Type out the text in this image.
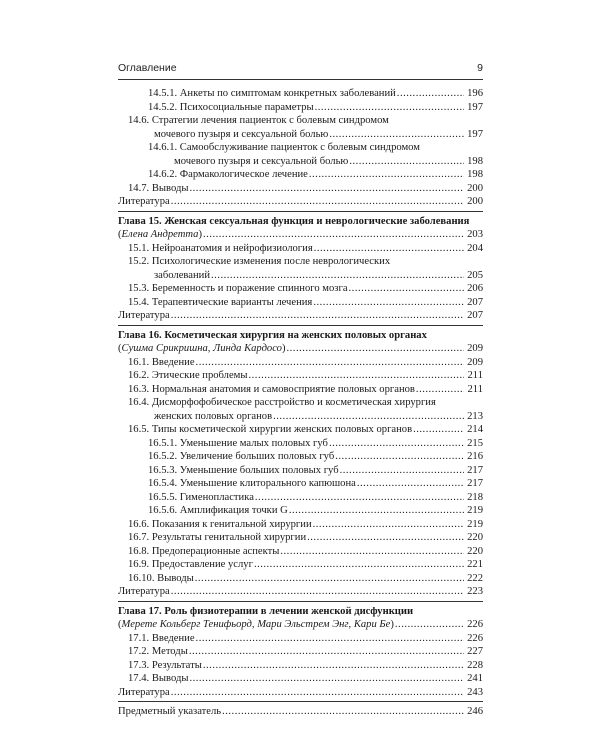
Оглавление	9
14.5.1. Анкеты по симптомам конкретных заболеваний .....	196
14.5.2. Психосоциальные параметры .....	197
14.6. Стратегии лечения пациенток с болевым синдромом
мочевого пузыря и сексуальной болью .....	197
14.6.1. Самообслуживание пациенток с болевым синдромом
мочевого пузыря и сексуальной болью .....	198
14.6.2. Фармакологическое лечение .....	198
14.7. Выводы .....	200
Литература .....	200
Глава 15. Женская сексуальная функция и неврологические заболевания
(Елена Андретта) .....	203
15.1. Нейроанатомия и нейрофизиология .....	204
15.2. Психологические изменения после неврологических
заболеваний .....	205
15.3. Беременность и поражение спинного мозга .....	206
15.4. Терапевтические варианты лечения .....	207
Литература .....	207
Глава 16. Косметическая хирургия на женских половых органах
(Сушма Срикришна, Линда Кардосо) .....	209
16.1. Введение .....	209
16.2. Этические проблемы .....	211
16.3. Нормальная анатомия и самовосприятие половых органов .....	211
16.4. Дисморфофобическое расстройство и косметическая хирургия
женских половых органов .....	213
16.5. Типы косметической хирургии женских половых органов .....	214
16.5.1. Уменьшение малых половых губ .....	215
16.5.2. Увеличение больших половых губ .....	216
16.5.3. Уменьшение больших половых губ .....	217
16.5.4. Уменьшение клиторального капюшона .....	217
16.5.5. Гименопластика .....	218
16.5.6. Амплификация точки G .....	219
16.6. Показания к генитальной хирургии .....	219
16.7. Результаты генитальной хирургии .....	220
16.8. Предоперационные аспекты .....	220
16.9. Предоставление услуг .....	221
16.10. Выводы .....	222
Литература .....	223
Глава 17. Роль физиотерапии в лечении женской дисфункции
(Мерете Кольберг Тенифьорд, Мари Эльстрем Энг, Кари Бе) .....	226
17.1. Введение .....	226
17.2. Методы .....	227
17.3. Результаты .....	228
17.4. Выводы .....	241
Литература .....	243
Предметный указатель .....	246
